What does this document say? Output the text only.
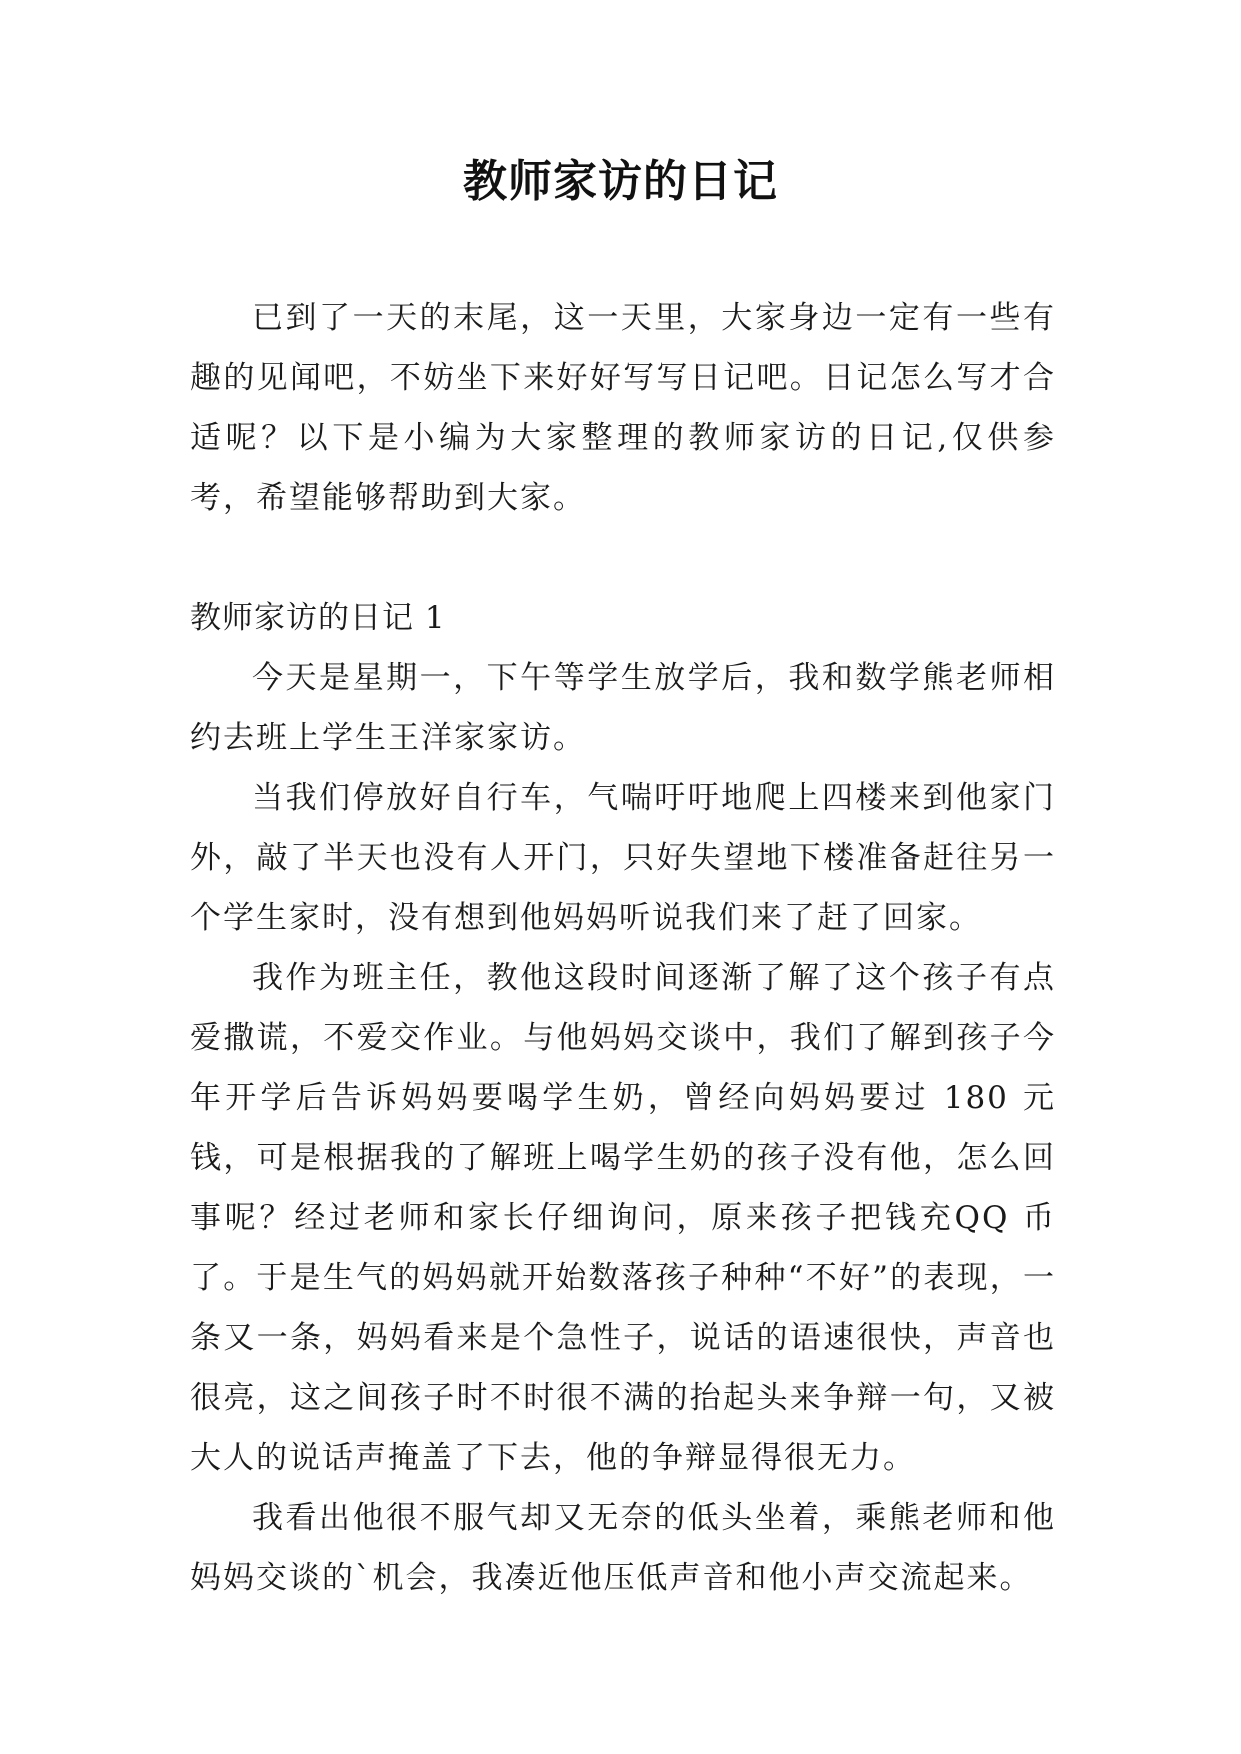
教师家访的日记

已到了一天的末尾，这一天里，大家身边一定有一些有趣的见闻吧，不妨坐下来好好写写日记吧。日记怎么写才合适呢？以下是小编为大家整理的教师家访的日记,仅供参考，希望能够帮助到大家。

教师家访的日记 1

今天是星期一，下午等学生放学后，我和数学熊老师相约去班上学生王洋家家访。

当我们停放好自行车，气喘吁吁地爬上四楼来到他家门外，敲了半天也没有人开门，只好失望地下楼准备赶往另一个学生家时，没有想到他妈妈听说我们来了赶了回家。

我作为班主任，教他这段时间逐渐了解了这个孩子有点爱撒谎，不爱交作业。与他妈妈交谈中，我们了解到孩子今年开学后告诉妈妈要喝学生奶，曾经向妈妈要过 180 元钱，可是根据我的了解班上喝学生奶的孩子没有他，怎么回事呢？经过老师和家长仔细询问，原来孩子把钱充QQ 币了。于是生气的妈妈就开始数落孩子种种“不好”的表现，一条又一条，妈妈看来是个急性子，说话的语速很快，声音也很亮，这之间孩子时不时很不满的抬起头来争辩一句，又被大人的说话声掩盖了下去，他的争辩显得很无力。

我看出他很不服气却又无奈的低头坐着，乘熊老师和他妈妈交谈的`机会，我凑近他压低声音和他小声交流起来。
